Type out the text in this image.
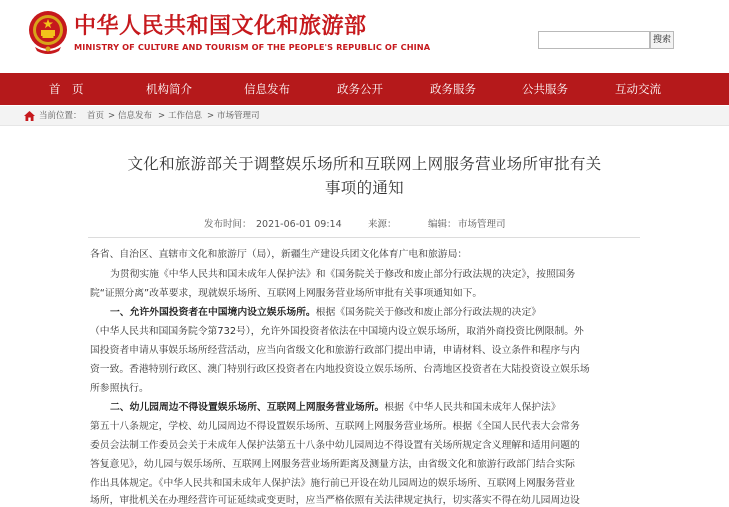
中华人民共和国文化和旅游部
MINISTRY OF CULTURE AND TOURISM OF THE PEOPLE'S REPUBLIC OF CHINA
搜索
首　页	机构简介	信息发布	政务公开	政务服务	公共服务	互动交流
当前位置： 首页 > 信息发布 > 工作信息 > 市场管理司
文化和旅游部关于调整娱乐场所和互联网上网服务营业场所审批有关
事项的通知
发布时间： 2021-06-01 09:14	来源：	编辑： 市场管理司
各省、自治区、直辖市文化和旅游厅（局），新疆生产建设兵团文化体育广电和旅游局：
为贯彻实施《中华人民共和国未成年人保护法》和《国务院关于修改和废止部分行政法规的决定》，按照国务
院“证照分离”改革要求，现就娱乐场所、互联网上网服务营业场所审批有关事项通知如下。
一、允许外国投资者在中国境内设立娱乐场所。根据《国务院关于修改和废止部分行政法规的决定》
（中华人民共和国国务院令第732号），允许外国投资者依法在中国境内设立娱乐场所，取消外商投资比例限制。外
国投资者申请从事娱乐场所经营活动，应当向省级文化和旅游行政部门提出申请，申请材料、设立条件和程序与内
资一致。香港特别行政区、澳门特别行政区投资者在内地投资设立娱乐场所、台湾地区投资者在大陆投资设立娱乐场
所参照执行。
二、幼儿园周边不得设置娱乐场所、互联网上网服务营业场所。根据《中华人民共和国未成年人保护法》
第五十八条规定，学校、幼儿园周边不得设置娱乐场所、互联网上网服务营业场所。根据《全国人民代表大会常务
委员会法制工作委员会关于未成年人保护法第五十八条中幼儿园周边不得设置有关场所规定含义理解和适用问题的
答复意见》，幼儿园与娱乐场所、互联网上网服务营业场所距离及测量方法，由省级文化和旅游行政部门结合实际
作出具体规定。《中华人民共和国未成年人保护法》施行前已开设在幼儿园周边的娱乐场所、互联网上网服务营业
场所，审批机关在办理经营许可证延续或变更时，应当严格依照有关法律规定执行，切实落实不得在幼儿园周边设
